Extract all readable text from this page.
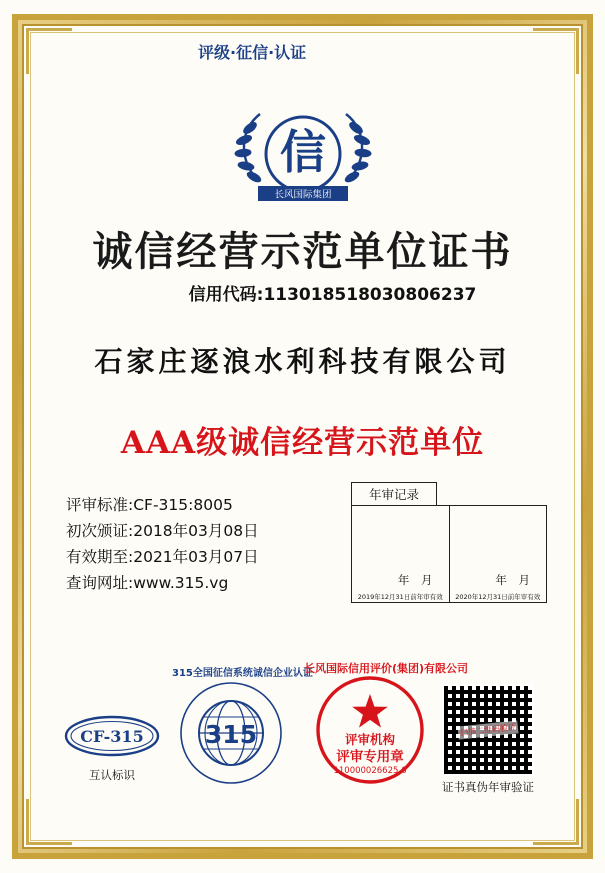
评级·征信·认证
信
长风国际集团
诚信经营示范单位证书
信用代码:113018518030806237
石家庄逐浪水利科技有限公司
AAA级诚信经营示范单位
评审标准:CF-315:8005
初次颁证:2018年03月08日
有效期至:2021年03月07日
查询网址:www.315.vg
年审记录
年 月
2019年12月31日前年审有效
年 月
2020年12月31日前年审有效
CF-315
互认标识
315
315全国征信系统诚信企业认证
长风国际信用评价(集团)有限公司
评审机构
评审专用章
110000026625 6
扫描二维码验证
证书真伪年审验证
